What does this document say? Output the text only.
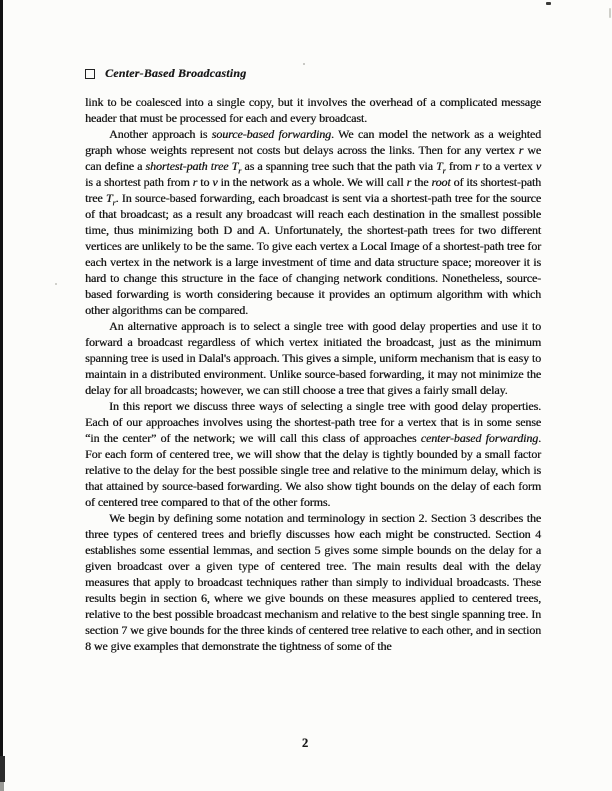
Center-Based Broadcasting

link to be coalesced into a single copy, but it involves the overhead of a complicated message header that must be processed for each and every broadcast.

Another approach is source-based forwarding. We can model the network as a weighted graph whose weights represent not costs but delays across the links. Then for any vertex r we can define a shortest-path tree $T_r$ as a spanning tree such that the path via $T_r$ from r to a vertex v is a shortest path from r to v in the network as a whole. We will call r the root of its shortest-path tree $T_r$. In source-based forwarding, each broadcast is sent via a shortest-path tree for the source of that broadcast; as a result any broadcast will reach each destination in the smallest possible time, thus minimizing both D and A. Unfortunately, the shortest-path trees for two different vertices are unlikely to be the same. To give each vertex a Local Image of a shortest-path tree for each vertex in the network is a large investment of time and data structure space; moreover it is hard to change this structure in the face of changing network conditions. Nonetheless, source-based forwarding is worth considering because it provides an optimum algorithm with which other algorithms can be compared.

An alternative approach is to select a single tree with good delay properties and use it to forward a broadcast regardless of which vertex initiated the broadcast, just as the minimum spanning tree is used in Dalal's approach. This gives a simple, uniform mechanism that is easy to maintain in a distributed environment. Unlike source-based forwarding, it may not minimize the delay for all broadcasts; however, we can still choose a tree that gives a fairly small delay.

In this report we discuss three ways of selecting a single tree with good delay properties. Each of our approaches involves using the shortest-path tree for a vertex that is in some sense “in the center” of the network; we will call this class of approaches center-based forwarding. For each form of centered tree, we will show that the delay is tightly bounded by a small factor relative to the delay for the best possible single tree and relative to the minimum delay, which is that attained by source-based forwarding. We also show tight bounds on the delay of each form of centered tree compared to that of the other forms.

We begin by defining some notation and terminology in section 2. Section 3 describes the three types of centered trees and briefly discusses how each might be constructed. Section 4 establishes some essential lemmas, and section 5 gives some simple bounds on the delay for a given broadcast over a given type of centered tree. The main results deal with the delay measures that apply to broadcast techniques rather than simply to individual broadcasts. These results begin in section 6, where we give bounds on these measures applied to centered trees, relative to the best possible broadcast mechanism and relative to the best single spanning tree. In section 7 we give bounds for the three kinds of centered tree relative to each other, and in section 8 we give examples that demonstrate the tightness of some of the

2
